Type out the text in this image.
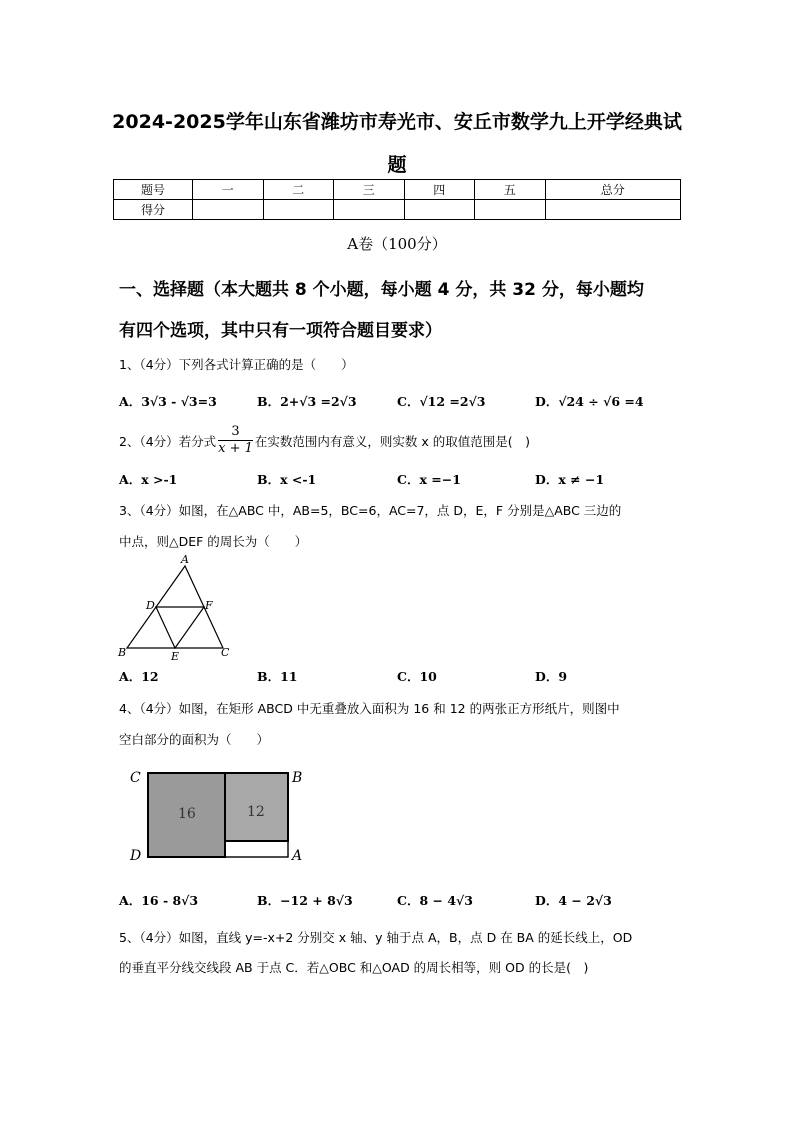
2024-2025学年山东省潍坊市寿光市、安丘市数学九上开学经典试
题
题号	一	二	三	四	五	总分
得分						
A卷（100分）
一、选择题（本大题共 8 个小题，每小题 4 分，共 32 分，每小题均
有四个选项，其中只有一项符合题目要求）
1、（4分）下列各式计算正确的是（　　）
A．3√3 - √3=3	B．2+√3 =2√3	C．√12 =2√3	D．√24 ÷ √6 =4
2、（4分）若分式 $\frac{3}{x + 1}$ 在实数范围内有意义，则实数 x 的取值范围是(　)
A．x >-1	B．x <-1	C．x =−1	D．x ≠ −1
3、（4分）如图，在△ABC 中，AB=5，BC=6，AC=7，点 D，E，F 分别是△ABC 三边的
中点，则△DEF 的周长为（　　）
A
D	F
B	E	C
A．12	B．11	C．10	D．9
4、（4分）如图，在矩形 ABCD 中无重叠放入面积为 16 和 12 的两张正方形纸片，则图中
空白部分的面积为（　　）
C	B
D	A
16	12
A．16 - 8√3	B．−12 + 8√3	C．8 − 4√3	D．4 − 2√3
5、（4分）如图，直线 y=-x+2 分别交 x 轴、y 轴于点 A，B，点 D 在 BA 的延长线上，OD
的垂直平分线交线段 AB 于点 C．若△OBC 和△OAD 的周长相等，则 OD 的长是(　)
